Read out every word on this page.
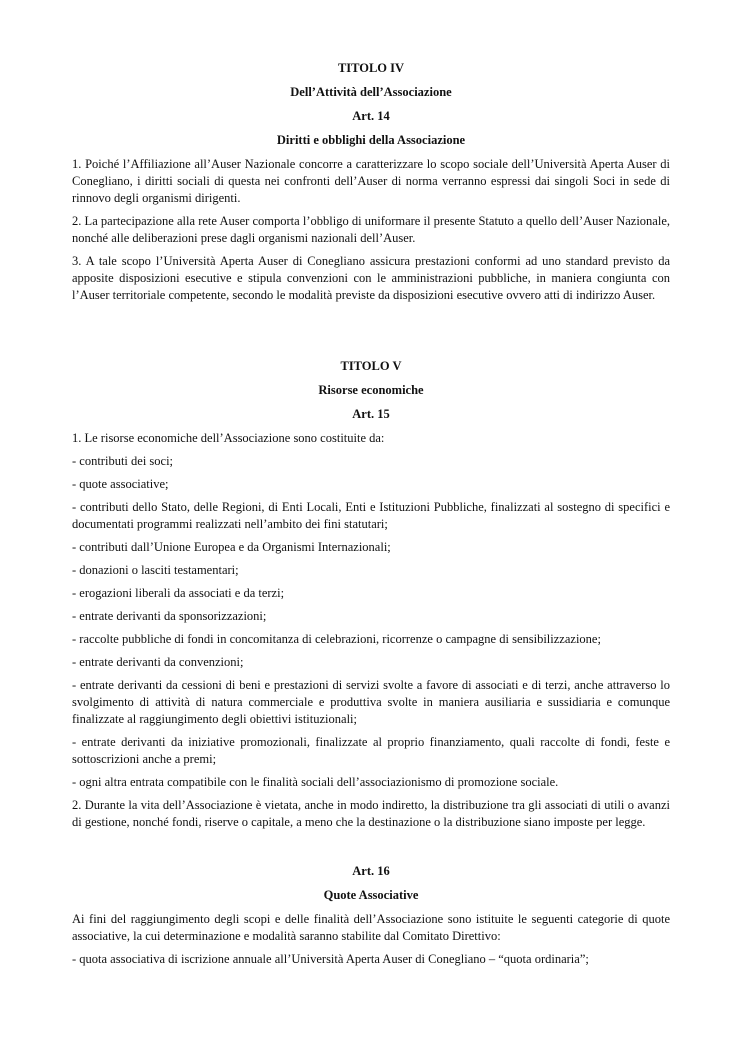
TITOLO IV
Dell’Attività dell’Associazione
Art. 14
Diritti e obblighi della Associazione

1. Poiché l’Affiliazione all’Auser Nazionale concorre a caratterizzare lo scopo sociale dell’Università Aperta Auser di Conegliano, i diritti sociali di questa nei confronti dell’Auser di norma verranno espressi dai singoli Soci in sede di rinnovo degli organismi dirigenti.

2. La partecipazione alla rete Auser comporta l’obbligo di uniformare il presente Statuto a quello dell’Auser Nazionale, nonché alle deliberazioni prese dagli organismi nazionali dell’Auser.

3. A tale scopo l’Università Aperta Auser di Conegliano assicura prestazioni conformi ad uno standard previsto da apposite disposizioni esecutive e stipula convenzioni con le amministrazioni pubbliche, in maniera congiunta con l’Auser territoriale competente, secondo le modalità previste da disposizioni esecutive ovvero atti di indirizzo Auser.

TITOLO V
Risorse economiche
Art. 15

1. Le risorse economiche dell’Associazione sono costituite da:

- contributi dei soci;

- quote associative;

- contributi dello Stato, delle Regioni, di Enti Locali, Enti e Istituzioni Pubbliche, finalizzati al sostegno di specifici e documentati programmi realizzati nell’ambito dei fini statutari;

- contributi dall’Unione Europea e da Organismi Internazionali;

- donazioni o lasciti testamentari;

- erogazioni liberali da associati e da terzi;

- entrate derivanti da sponsorizzazioni;

- raccolte pubbliche di fondi in concomitanza di celebrazioni, ricorrenze o campagne di sensibilizzazione;

- entrate derivanti da convenzioni;

- entrate derivanti da cessioni di beni e prestazioni di servizi svolte a favore di associati e di terzi, anche attraverso lo svolgimento di attività di natura commerciale e produttiva svolte in maniera ausiliaria e sussidiaria e comunque finalizzate al raggiungimento degli obiettivi istituzionali;

- entrate derivanti da iniziative promozionali, finalizzate al proprio finanziamento, quali raccolte di fondi, feste e sottoscrizioni anche a premi;

- ogni altra entrata compatibile con le finalità sociali dell’associazionismo di promozione sociale.

2. Durante la vita dell’Associazione è vietata, anche in modo indiretto, la distribuzione tra gli associati di utili o avanzi di gestione, nonché fondi, riserve o capitale, a meno che la destinazione o la distribuzione siano imposte per legge.

Art. 16
Quote Associative

Ai fini del raggiungimento degli scopi e delle finalità dell’Associazione sono istituite le seguenti categorie di quote associative, la cui determinazione e modalità saranno stabilite dal Comitato Direttivo:

- quota associativa di iscrizione annuale all’Università Aperta Auser di Conegliano – “quota ordinaria”;
